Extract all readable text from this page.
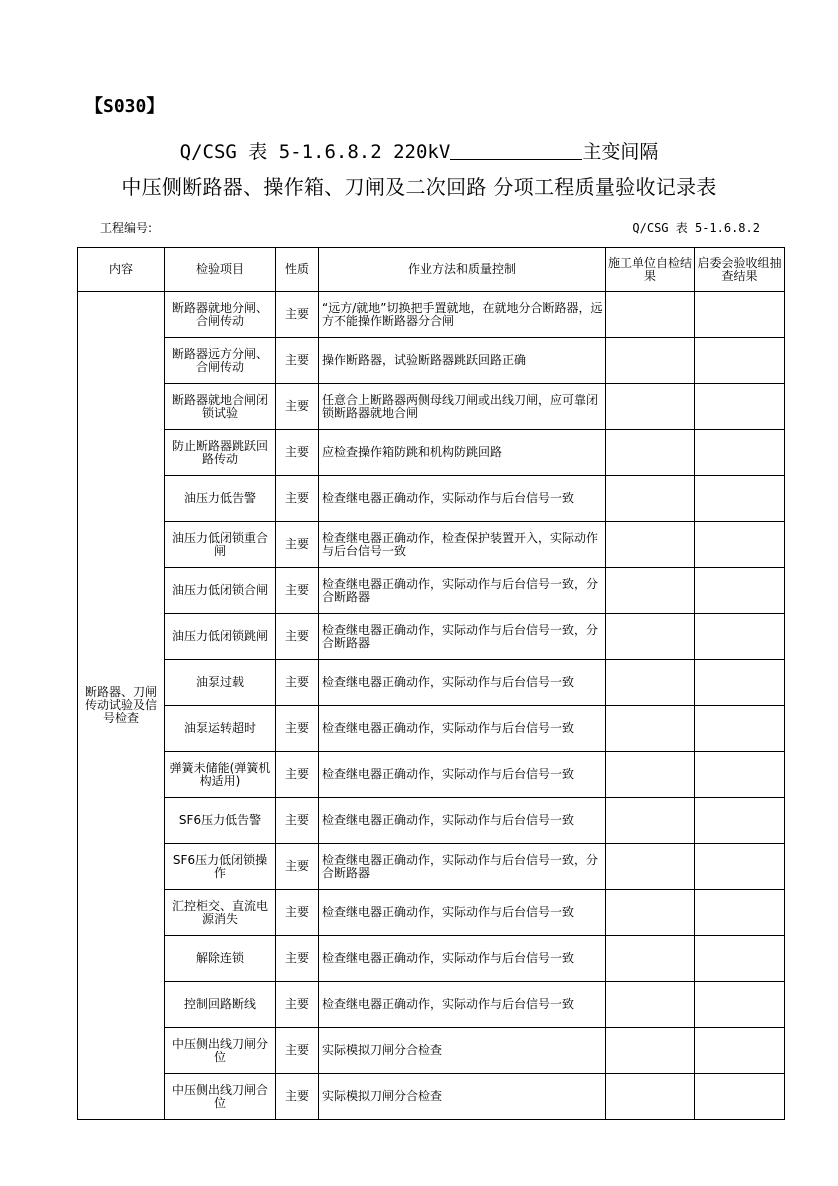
【S030】
Q/CSG 表 5-1.6.8.2 220kV	主变间隔
中压侧断路器、操作箱、刀闸及二次回路 分项工程质量验收记录表
工程编号:	Q/CSG 表 5-1.6.8.2
内容	检验项目	性质	作业方法和质量控制	施工单位自检结果	启委会验收组抽查结果
断路器、刀闸传动试验及信号检查	断路器就地分闸、合闸传动	主要	“远方/就地”切换把手置就地，在就地分合断路器，远方不能操作断路器分合闸		
	断路器远方分闸、合闸传动	主要	操作断路器，试验断路器跳跃回路正确		
	断路器就地合闸闭锁试验	主要	任意合上断路器两侧母线刀闸或出线刀闸，应可靠闭锁断路器就地合闸		
	防止断路器跳跃回路传动	主要	应检查操作箱防跳和机构防跳回路		
	油压力低告警	主要	检查继电器正确动作，实际动作与后台信号一致		
	油压力低闭锁重合闸	主要	检查继电器正确动作，检查保护装置开入，实际动作与后台信号一致		
	油压力低闭锁合闸	主要	检查继电器正确动作，实际动作与后台信号一致，分合断路器		
	油压力低闭锁跳闸	主要	检查继电器正确动作，实际动作与后台信号一致，分合断路器		
	油泵过载	主要	检查继电器正确动作，实际动作与后台信号一致		
	油泵运转超时	主要	检查继电器正确动作，实际动作与后台信号一致		
	弹簧未储能(弹簧机构适用)	主要	检查继电器正确动作，实际动作与后台信号一致		
	SF6压力低告警	主要	检查继电器正确动作，实际动作与后台信号一致		
	SF6压力低闭锁操作	主要	检查继电器正确动作，实际动作与后台信号一致，分合断路器		
	汇控柜交、直流电源消失	主要	检查继电器正确动作，实际动作与后台信号一致		
	解除连锁	主要	检查继电器正确动作，实际动作与后台信号一致		
	控制回路断线	主要	检查继电器正确动作，实际动作与后台信号一致		
	中压侧出线刀闸分位	主要	实际模拟刀闸分合检查		
	中压侧出线刀闸合位	主要	实际模拟刀闸分合检查		
